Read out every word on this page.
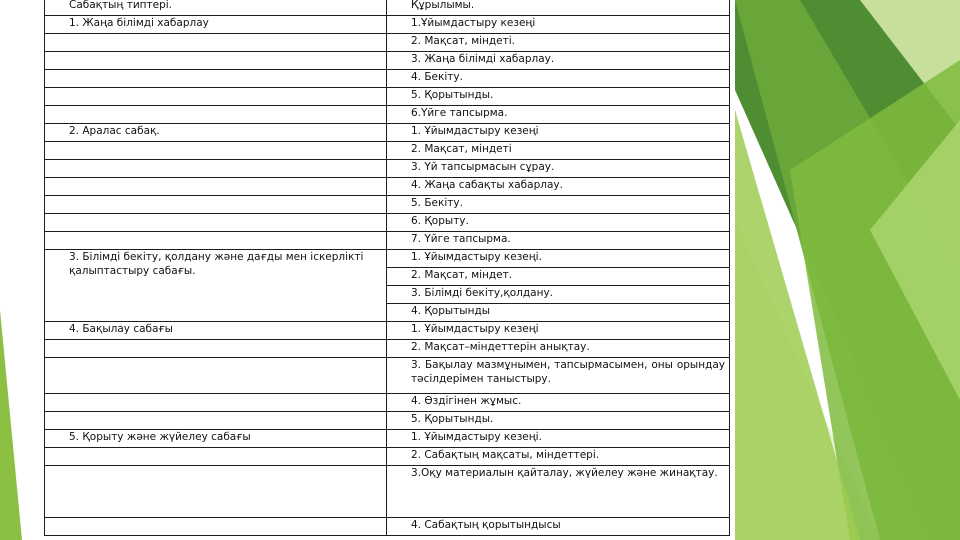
Сабақтың типтері.	Құрылымы.
1. Жаңа білімді хабарлау	1.Ұйымдастыру кезеңі
	2. Мақсат, міндеті.
	3. Жаңа білімді хабарлау.
	4. Бекіту.
	5. Қорытынды.
	6.Үйге тапсырма.
2. Аралас сабақ.	1. Ұйымдастыру кезеңі
	2. Мақсат, міндеті
	3. Үй тапсырмасын сұрау.
	4. Жаңа сабақты хабарлау.
	5. Бекіту.
	6. Қорыту.
	7. Үйге тапсырма.
3. Білімді бекіту, қолдану және дағды мен іскерлікті қалыптастыру сабағы.	1. Ұйымдастыру кезеңі.
	2. Мақсат, міндет.
	3. Білімді бекіту,қолдану.
	4. Қорытынды
4. Бақылау сабағы	1. Ұйымдастыру кезеңі
	2. Мақсат–міндеттерін анықтау.
	3. Бақылау мазмұнымен, тапсырмасымен, оны орындау тәсілдерімен таныстыру.
	4. Өздігінен жұмыс.
	5. Қорытынды.
5. Қорыту және жүйелеу сабағы	1. Ұйымдастыру кезеңі.
	2. Сабақтың мақсаты, міндеттері.
	3.Оқу материалын қайталау, жүйелеу және жинақтау.
	4. Сабақтың қорытындысы
